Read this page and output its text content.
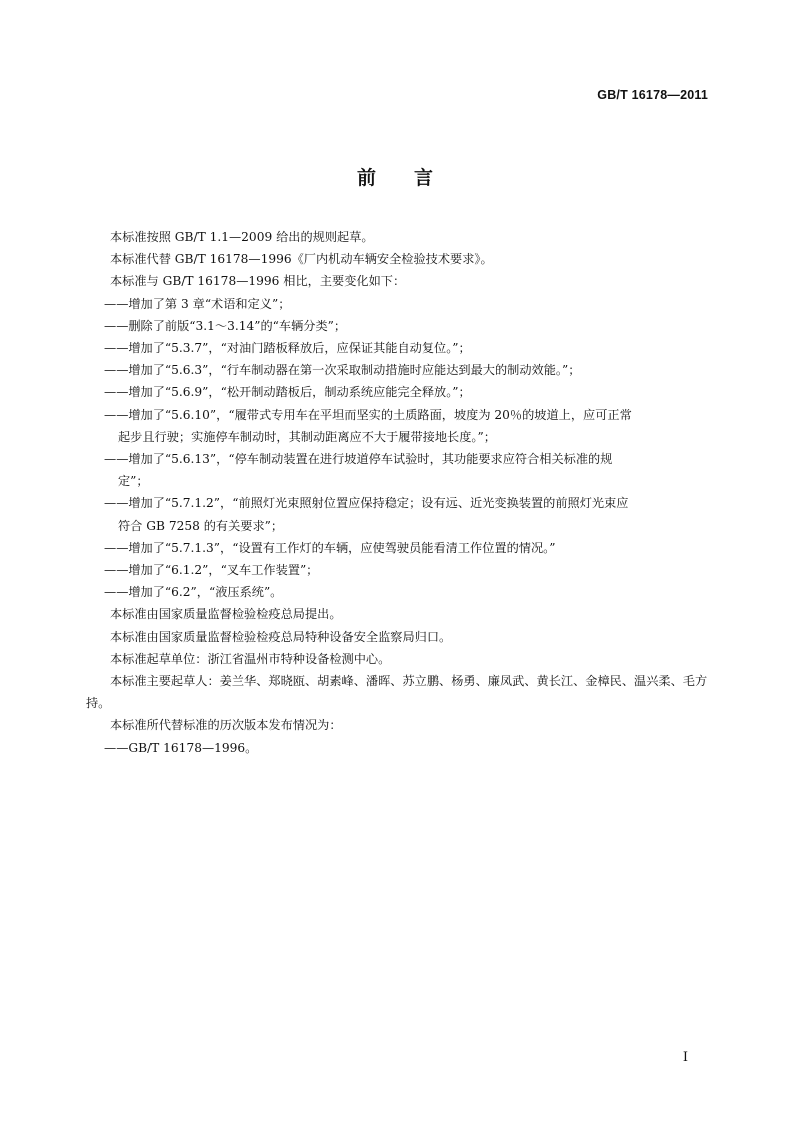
GB/T 16178—2011
前 言

本标准按照 GB/T 1.1—2009 给出的规则起草。

本标准代替 GB/T 16178—1996《厂内机动车辆安全检验技术要求》。

本标准与 GB/T 16178—1996 相比，主要变化如下：

——增加了第 3 章“术语和定义”；

——删除了前版“3.1～3.14”的“车辆分类”；

——增加了“5.3.7”，“对油门踏板释放后，应保证其能自动复位。”；

——增加了“5.6.3”，“行车制动器在第一次采取制动措施时应能达到最大的制动效能。”；

——增加了“5.6.9”，“松开制动踏板后，制动系统应能完全释放。”；

——增加了“5.6.10”，“履带式专用车在平坦而坚实的土质路面，坡度为 20％的坡道上，应可正常
起步且行驶；实施停车制动时，其制动距离应不大于履带接地长度。”；

——增加了“5.6.13”，“停车制动装置在进行坡道停车试验时，其功能要求应符合相关标准的规
定”；

——增加了“5.7.1.2”，“前照灯光束照射位置应保持稳定；设有远、近光变换装置的前照灯光束应
符合 GB 7258 的有关要求”；

——增加了“5.7.1.3”，“设置有工作灯的车辆，应使驾驶员能看清工作位置的情况。”

——增加了“6.1.2”，“叉车工作装置”；

——增加了“6.2”，“液压系统”。

本标准由国家质量监督检验检疫总局提出。

本标准由国家质量监督检验检疫总局特种设备安全监察局归口。

本标准起草单位：浙江省温州市特种设备检测中心。

本标准主要起草人：姜兰华、郑晓瓯、胡素峰、潘晖、苏立鹏、杨勇、廉凤武、黄长江、金樟民、温兴柔、毛方持。

本标准所代替标准的历次版本发布情况为：

——GB/T 16178—1996。

I
